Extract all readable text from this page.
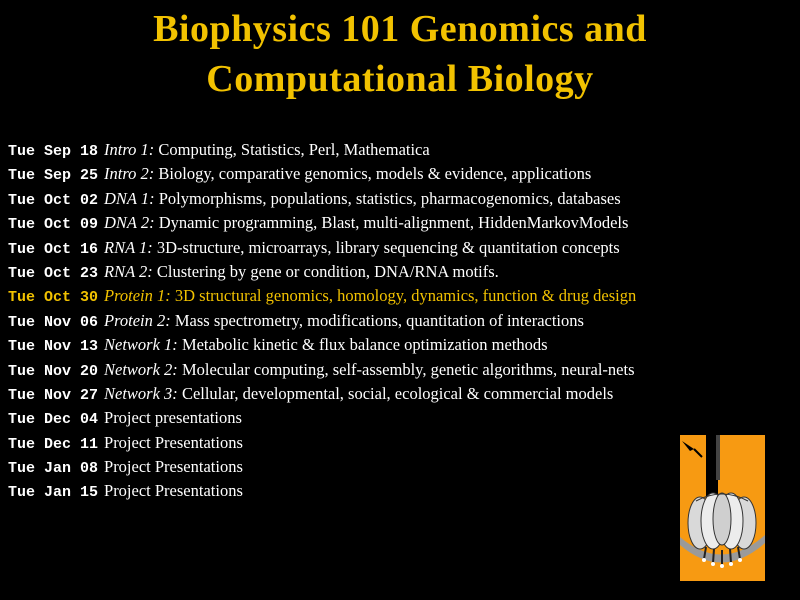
Biophysics 101 Genomics and
Computational Biology
Tue Sep 18 Intro 1: Computing, Statistics, Perl, Mathematica
Tue Sep 25 Intro 2: Biology, comparative genomics, models & evidence, applications
Tue Oct 02 DNA 1: Polymorphisms, populations, statistics, pharmacogenomics, databases
Tue Oct 09 DNA 2: Dynamic programming, Blast, multi-alignment, HiddenMarkovModels
Tue Oct 16 RNA 1: 3D-structure, microarrays, library sequencing & quantitation concepts
Tue Oct 23 RNA 2: Clustering by gene or condition, DNA/RNA motifs.
Tue Oct 30 Protein 1: 3D structural genomics, homology, dynamics, function & drug design
Tue Nov 06 Protein 2: Mass spectrometry, modifications, quantitation of interactions
Tue Nov 13 Network 1: Metabolic kinetic & flux balance optimization methods
Tue Nov 20 Network 2: Molecular computing, self-assembly, genetic algorithms, neural-nets
Tue Nov 27 Network 3: Cellular, developmental, social, ecological & commercial models
Tue Dec 04 Project presentations
Tue Dec 11 Project Presentations
Tue Jan 08 Project Presentations
Tue Jan 15 Project Presentations
